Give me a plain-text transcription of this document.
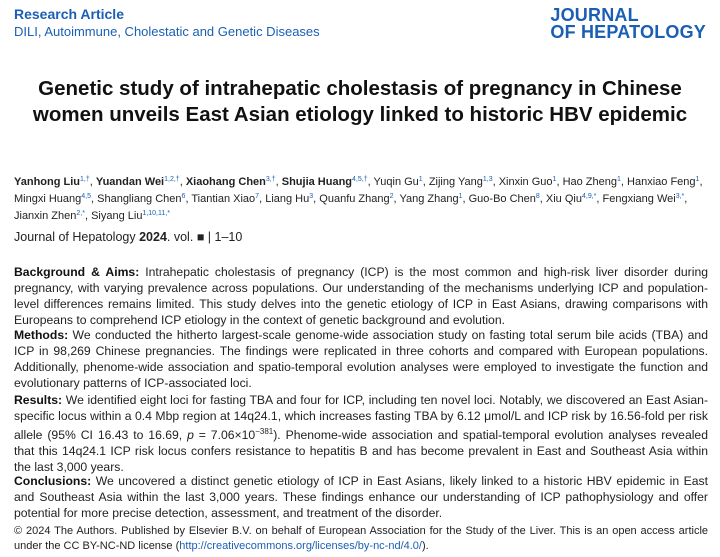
Research Article
DILI, Autoimmune, Cholestatic and Genetic Diseases
JOURNAL
OF HEPATOLOGY
Genetic study of intrahepatic cholestasis of pregnancy in Chinese women unveils East Asian etiology linked to historic HBV epidemic
Yanhong Liu$^{1,\dagger}$, Yuandan Wei$^{1,2,\dagger}$, Xiaohang Chen$^{3,\dagger}$, Shujia Huang$^{4,5,\dagger}$, Yuqin Gu$^1$, Zijing Yang$^{1,3}$, Xinxin Guo$^1$, Hao Zheng$^1$, Hanxiao Feng$^1$, Mingxi Huang$^{4,5}$, Shangliang Chen$^6$, Tiantian Xiao$^7$, Liang Hu$^3$, Quanfu Zhang$^2$, Yang Zhang$^1$, Guo-Bo Chen$^8$, Xiu Qiu$^{4,9,*}$, Fengxiang Wei$^{3,*}$, Jianxin Zhen$^{2,*}$, Siyang Liu$^{1,10,11,*}$
Journal of Hepatology 2024. vol. ■ | 1–10
Background & Aims: Intrahepatic cholestasis of pregnancy (ICP) is the most common and high-risk liver disorder during pregnancy, with varying prevalence across populations. Our understanding of the mechanisms underlying ICP and population-level differences remains limited. This study delves into the genetic etiology of ICP in East Asians, drawing comparisons with Europeans to comprehend ICP etiology in the context of genetic background and evolution.
Methods: We conducted the hitherto largest-scale genome-wide association study on fasting total serum bile acids (TBA) and ICP in 98,269 Chinese pregnancies. The findings were replicated in three cohorts and compared with European populations. Additionally, phenome-wide association and spatio-temporal evolution analyses were employed to investigate the function and evolutionary patterns of ICP-associated loci.
Results: We identified eight loci for fasting TBA and four for ICP, including ten novel loci. Notably, we discovered an East Asian-specific locus within a 0.4 Mbp region at 14q24.1, which increases fasting TBA by 6.12 μmol/L and ICP risk by 16.56-fold per risk allele (95% CI 16.43 to 16.69, $p = 7.06\times 10^{-381}$). Phenome-wide association and spatial-temporal evolution analyses revealed that this 14q24.1 ICP risk locus confers resistance to hepatitis B and has become prevalent in East and Southeast Asia within the last 3,000 years.
Conclusions: We uncovered a distinct genetic etiology of ICP in East Asians, likely linked to a historic HBV epidemic in East and Southeast Asia within the last 3,000 years. These findings enhance our understanding of ICP pathophysiology and offer potential for more precise detection, assessment, and treatment of the disorder.
© 2024 The Authors. Published by Elsevier B.V. on behalf of European Association for the Study of the Liver. This is an open access article under the CC BY-NC-ND license (http://creativecommons.org/licenses/by-nc-nd/4.0/).
